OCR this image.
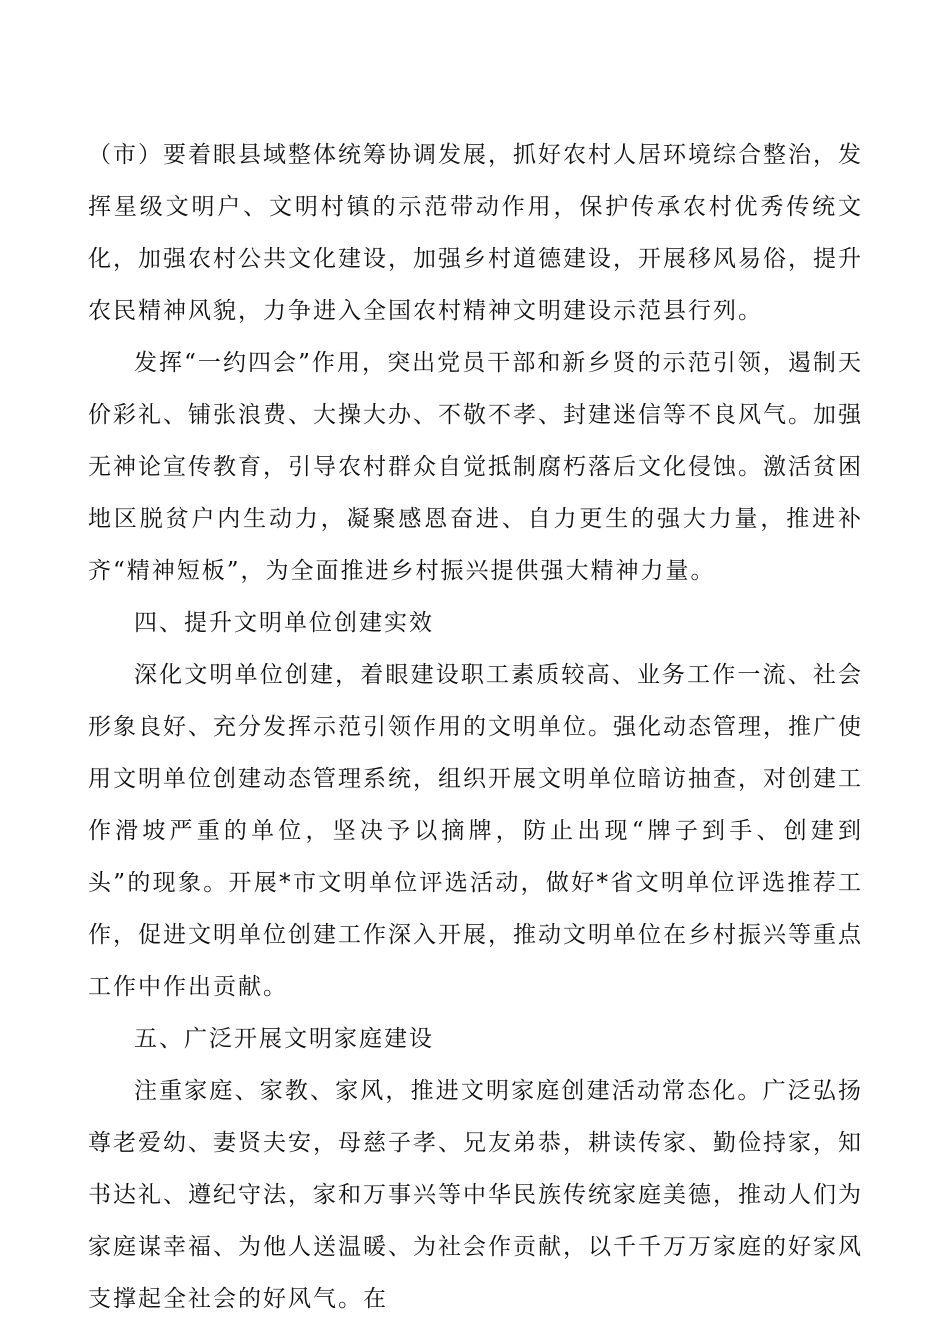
（市）要着眼县域整体统筹协调发展，抓好农村人居环境综合整治，发挥星级文明户、文明村镇的示范带动作用，保护传承农村优秀传统文化，加强农村公共文化建设，加强乡村道德建设，开展移风易俗，提升农民精神风貌，力争进入全国农村精神文明建设示范县行列。

发挥“一约四会”作用，突出党员干部和新乡贤的示范引领，遏制天价彩礼、铺张浪费、大操大办、不敬不孝、封建迷信等不良风气。加强无神论宣传教育，引导农村群众自觉抵制腐朽落后文化侵蚀。激活贫困地区脱贫户内生动力，凝聚感恩奋进、自力更生的强大力量，推进补齐“精神短板”，为全面推进乡村振兴提供强大精神力量。

四、提升文明单位创建实效

深化文明单位创建，着眼建设职工素质较高、业务工作一流、社会形象良好、充分发挥示范引领作用的文明单位。强化动态管理，推广使用文明单位创建动态管理系统，组织开展文明单位暗访抽查，对创建工作滑坡严重的单位，坚决予以摘牌，防止出现“牌子到手、创建到头”的现象。开展*市文明单位评选活动，做好*省文明单位评选推荐工作，促进文明单位创建工作深入开展，推动文明单位在乡村振兴等重点工作中作出贡献。

五、广泛开展文明家庭建设

注重家庭、家教、家风，推进文明家庭创建活动常态化。广泛弘扬尊老爱幼、妻贤夫安，母慈子孝、兄友弟恭，耕读传家、勤俭持家，知书达礼、遵纪守法，家和万事兴等中华民族传统家庭美德，推动人们为家庭谋幸福、为他人送温暖、为社会作贡献，以千千万万家庭的好家风支撑起全社会的好风气。在
